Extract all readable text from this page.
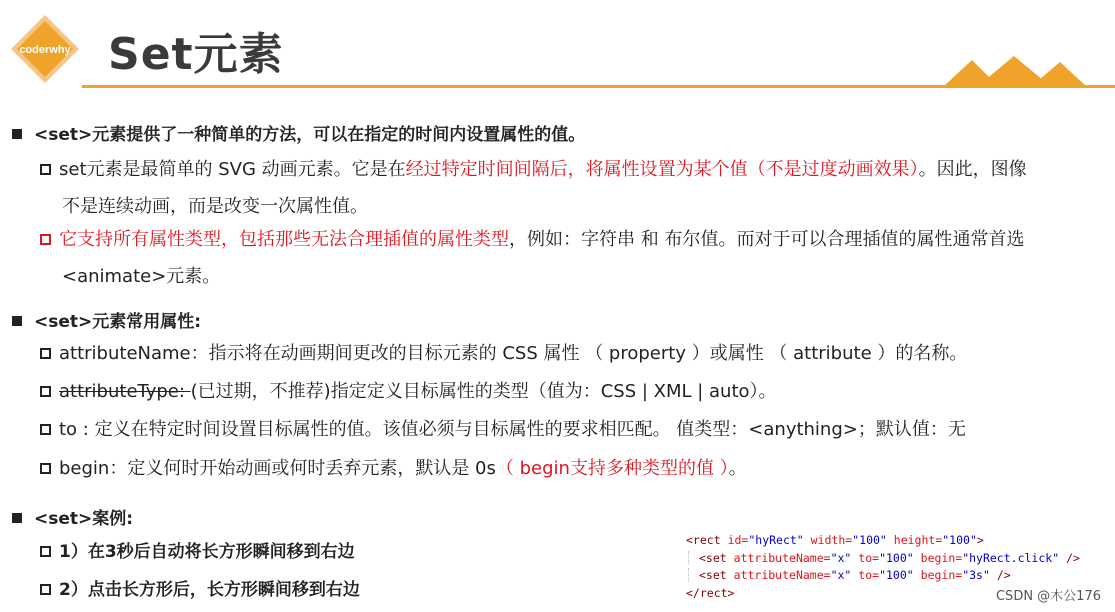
coderwhy Set元素
<set>元素提供了一种简单的方法，可以在指定的时间内设置属性的值。
set元素是最简单的 SVG 动画元素。它是在经过特定时间间隔后，将属性设置为某个值（不是过度动画效果）。因此，图像
不是连续动画，而是改变一次属性值。
它支持所有属性类型，包括那些无法合理插值的属性类型，例如：字符串 和 布尔值。而对于可以合理插值的属性通常首选
<animate>元素。
<set>元素常用属性:
attributeName：指示将在动画期间更改的目标元素的 CSS 属性 （ property ）或属性 （ attribute ）的名称。
attributeType: (已过期，不推荐)指定定义目标属性的类型（值为：CSS | XML | auto）。
to : 定义在特定时间设置目标属性的值。该值必须与目标属性的要求相匹配。 值类型：<anything>；默认值：无
begin：定义何时开始动画或何时丢弃元素，默认是 0s（ begin支持多种类型的值 ）。
<set>案例:
1）在3秒后自动将长方形瞬间移到右边
2）点击长方形后，长方形瞬间移到右边
<rect id="hyRect" width="100" height="100">
<set attributeName="x" to="100" begin="hyRect.click" />
<set attributeName="x" to="100" begin="3s" />
</rect>	CSDN @木公176
